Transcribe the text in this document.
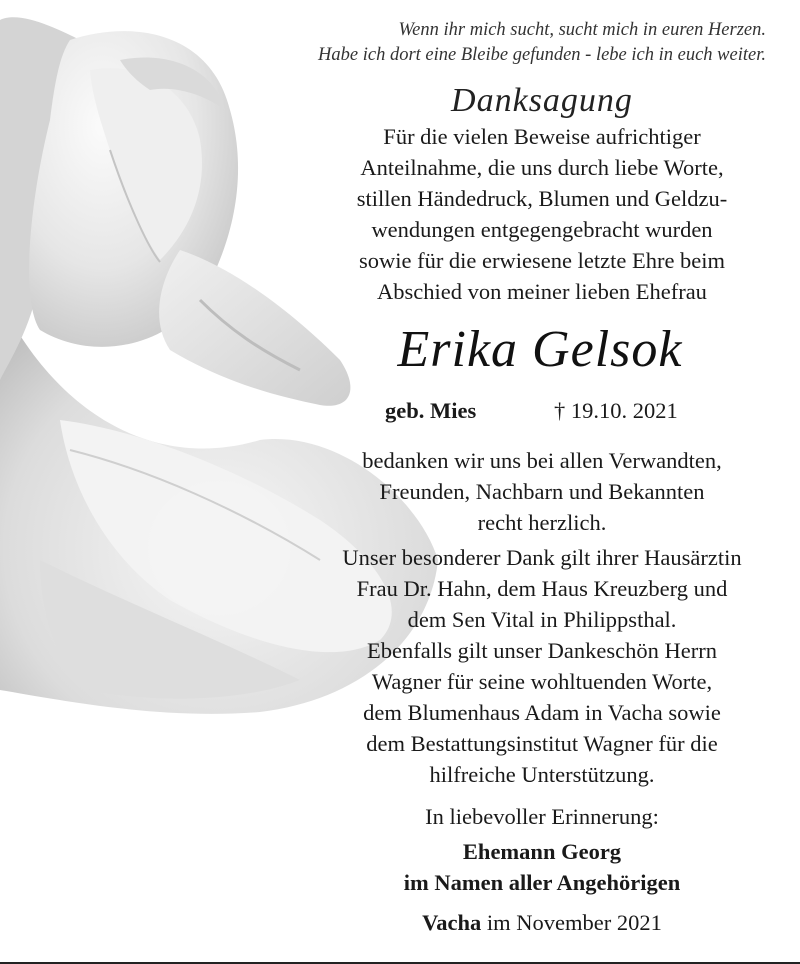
Wenn ihr mich sucht, sucht mich in euren Herzen.
Habe ich dort eine Bleibe gefunden - lebe ich in euch weiter.
Danksagung
Für die vielen Beweise aufrichtiger
Anteilnahme, die uns durch liebe Worte,
stillen Händedruck, Blumen und Geldzu-
wendungen entgegengebracht wurden
sowie für die erwiesene letzte Ehre beim
Abschied von meiner lieben Ehefrau
Erika Gelsok
geb. Mies	† 19.10. 2021
bedanken wir uns bei allen Verwandten,
Freunden, Nachbarn und Bekannten
recht herzlich.
Unser besonderer Dank gilt ihrer Hausärztin
Frau Dr. Hahn, dem Haus Kreuzberg und
dem Sen Vital in Philippsthal.
Ebenfalls gilt unser Dankeschön Herrn
Wagner für seine wohltuenden Worte,
dem Blumenhaus Adam in Vacha sowie
dem Bestattungsinstitut Wagner für die
hilfreiche Unterstützung.
In liebevoller Erinnerung:
Ehemann Georg
im Namen aller Angehörigen
Vacha im November 2021
